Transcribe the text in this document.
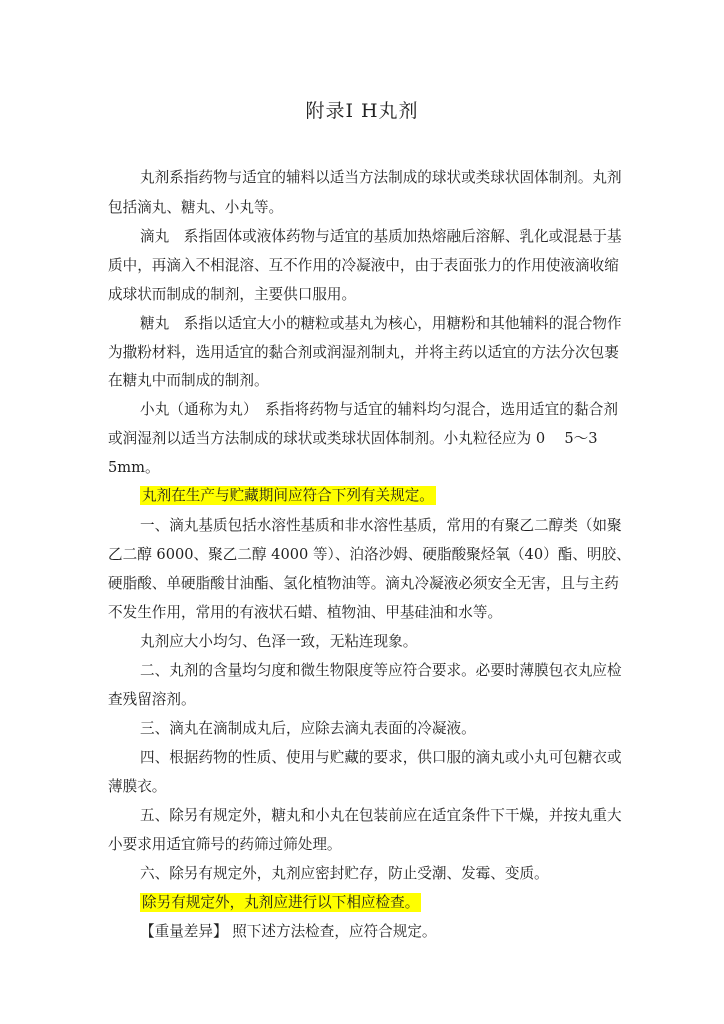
附录Ⅰ H丸剂
丸剂系指药物与适宜的辅料以适当方法制成的球状或类球状固体制剂。丸剂
包括滴丸、糖丸、小丸等。
滴丸　系指固体或液体药物与适宜的基质加热熔融后溶解、乳化或混悬于基
质中，再滴入不相混溶、互不作用的冷凝液中，由于表面张力的作用使液滴收缩
成球状而制成的制剂，主要供口服用。
糖丸　系指以适宜大小的糖粒或基丸为核心，用糖粉和其他辅料的混合物作
为撒粉材料，选用适宜的黏合剂或润湿剂制丸，并将主药以适宜的方法分次包裹
在糖丸中而制成的制剂。
小丸（通称为丸）　系指将药物与适宜的辅料均匀混合，选用适宜的黏合剂
或润湿剂以适当方法制成的球状或类球状固体制剂。小丸粒径应为 0　 5～3
5mm。
丸剂在生产与贮藏期间应符合下列有关规定。
一、滴丸基质包括水溶性基质和非水溶性基质，常用的有聚乙二醇类（如聚
乙二醇 6000、聚乙二醇 4000 等）、泊洛沙姆、硬脂酸聚烃氧（40）酯、明胶、
硬脂酸、单硬脂酸甘油酯、氢化植物油等。滴丸冷凝液必须安全无害，且与主药
不发生作用，常用的有液状石蜡、植物油、甲基硅油和水等。
丸剂应大小均匀、色泽一致，无粘连现象。
二、丸剂的含量均匀度和微生物限度等应符合要求。必要时薄膜包衣丸应检
查残留溶剂。
三、滴丸在滴制成丸后，应除去滴丸表面的冷凝液。
四、根据药物的性质、使用与贮藏的要求，供口服的滴丸或小丸可包糖衣或
薄膜衣。
五、除另有规定外，糖丸和小丸在包装前应在适宜条件下干燥，并按丸重大
小要求用适宜筛号的药筛过筛处理。
六、除另有规定外，丸剂应密封贮存，防止受潮、发霉、变质。
除另有规定外，丸剂应进行以下相应检查。
【重量差异】 照下述方法检查，应符合规定。
